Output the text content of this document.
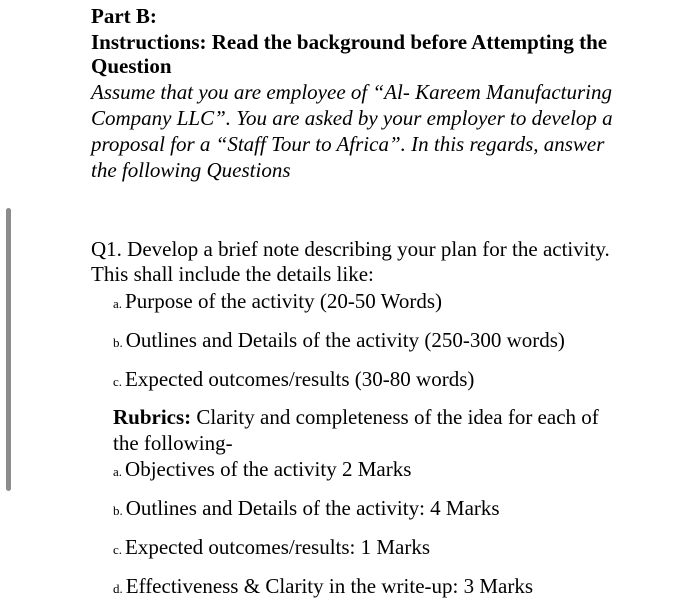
Part B:
Instructions: Read the background before Attempting the
Question
Assume that you are employee of “Al- Kareem Manufacturing
Company LLC”. You are asked by your employer to develop a
proposal for a “Staff Tour to Africa”. In this regards, answer
the following Questions
Q1. Develop a brief note describing your plan for the activity.
This shall include the details like:
a. Purpose of the activity (20-50 Words)
b. Outlines and Details of the activity (250-300 words)
c. Expected outcomes/results (30-80 words)
Rubrics: Clarity and completeness of the idea for each of
the following-
a. Objectives of the activity 2 Marks
b. Outlines and Details of the activity: 4 Marks
c. Expected outcomes/results: 1 Marks
d. Effectiveness & Clarity in the write-up: 3 Marks
